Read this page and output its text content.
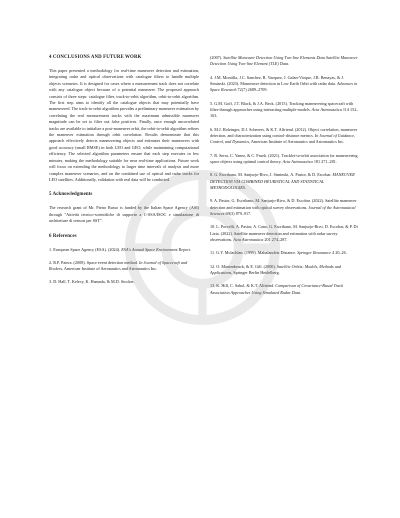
4 CONCLUSIONS AND FUTURE WORK

This paper presented a methodology for real-time maneuver detection and estimation, integrating radar and optical observations with catalogue filters to handle multiple objects scenarios. It is designed for cases where a measurement track does not correlate with any catalogue object because of a potential maneuver. The proposed approach consists of three steps: catalogue filter, track-to-orbit algorithm, orbit-to-orbit algorithm. The first step aims to identify all the catalogue objects that may potentially have maneuvered. The track-to-orbit algorithm provides a preliminary maneuver estimation by correlating the real measurement tracks with the maximum admissible maneuver magnitude can be set to filter out false positives. Finally, once enough uncorrelated tracks are available to initialize a post-maneuver orbit, the orbit-to-orbit algorithm refines the maneuver estimation through orbit correlation. Results demonstrate that this approach effectively detects maneuvering objects and estimates their maneuvers with good accuracy (small RMSE) in both LEO and GEO, while maintaining computational efficiency. The selected algorithm parameters ensure that each step executes in few minutes, making the methodology suitable for near real-time applications. Future work will focus on extending the methodology to larger time intervals of analysis and more complex maneuver scenarios, and on the combined use of optical and radar tracks for LEO satellites. Additionally, validation with real data will be conducted.

5 Acknowledgments

The research grant of Mr. Pietro Russo is funded by the Italian Space Agency (ASI) through "Attività tecnico-scientifiche di supporto a C-SSA/ISOC e simulazione di architetture di sensori per SST".

6 References

1. European Space Agency (ESA). (2024). ESA's Annual Space Environment Report.

2. R.P. Patera. (2008). Space event detection method. In Journal of Spacecraft and Rockets, American Institute of Aeronautics and Astronautics Inc.

3. D. Hall, T. Kelecy, K. Hamada, & M.D. Stocker.

(2007). Satellite Maneuver Detection Using Two-line Elements Data Satellite Maneuver Detection Using Two-line Element (TLE) Data.

4. J.M. Montilla, J.C. Sanchez, R. Vazquez, J. Galan-Vioque, J.R. Benayas, & J. Siminski. (2023). Manoeuvre detection in Low Earth Orbit with radar data. Advances in Space Research 72(7) 2689–2709.

5. G.M. Goff, J.T. Black, & J.A. Beck. (2015). Tracking maneuvering spacecraft with filter-through approaches using interacting multiple models. Acta Astronautica 114 152–163.

6. M.J. Holzinger, D.J. Scheeres, & K.T. Alfriend. (2012). Object correlation, maneuver detection, and characterization using control-distance metrics. In Journal of Guidance, Control, and Dynamics, American Institute of Aeronautics and Astronautics Inc.

7. R. Serra, C. Yanez, & C. Frueh. (2021). Tracklet-to-orbit association for maneuvering space objects using optimal control theory. Acta Astronautica 181 271–281.

8. G. Escribano, M. Sanjurjo-Rivo, J. Siminski, A. Pastor, & D. Escobar. MANEUVER DETECTION VIA COMBINED HEURISTICAL AND STATISTICAL METHODOLOGIES.

9. A. Pastor, G. Escribano, M. Sanjurjo-Rivo, & D. Escobar. (2022). Satellite maneuver detection and estimation with optical survey observations. Journal of the Astronautical Sciences 69(3) 879–917.

10. L. Porcelli, A. Pastor, A. Cano, G. Escribano, M. Sanjurjo-Rivo, D. Escobar, & P. Di Lizia. (2022). Satellite maneuver detection and estimation with radar survey observations. Acta Astronautica 201 274–287.

11. G.Y. Mclachlan. (1999). Mahalanobis Distance. Springer Resonance 4 20–26.

12. O. Montenbruck, & E. Gill. (2000). Satellite Orbits: Models, Methods and Applications, Springer Berlin Heidelberg.

13. K. Hill, C. Sabol, & K.T. Alfriend. Comparison of Covariance-Based Track Association Approaches Using Simulated Radar Data.
